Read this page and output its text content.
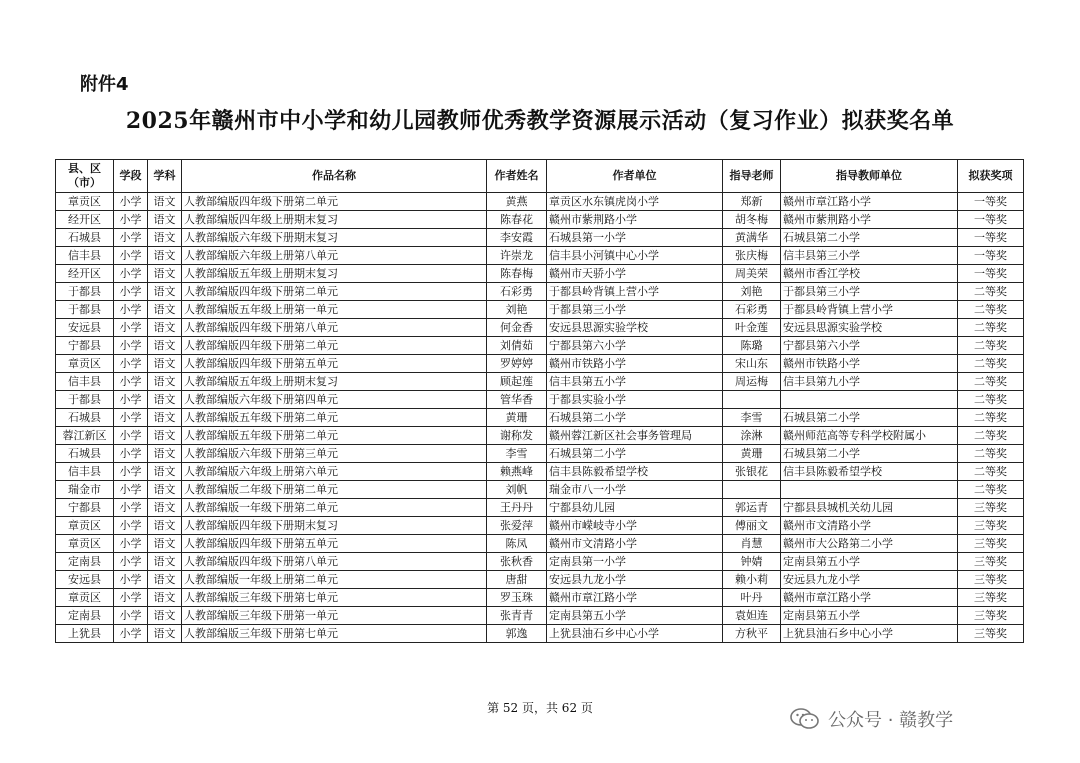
附件4
2025年赣州市中小学和幼儿园教师优秀教学资源展示活动（复习作业）拟获奖名单
县、区（市）	学段	学科	作品名称	作者姓名	作者单位	指导老师	指导教师单位	拟获奖项
章贡区	小学	语文	人教部编版四年级下册第二单元	黄燕	章贡区水东镇虎岗小学	郑新	赣州市章江路小学	一等奖
经开区	小学	语文	人教部编版四年级上册期末复习	陈春花	赣州市紫荆路小学	胡冬梅	赣州市紫荆路小学	一等奖
石城县	小学	语文	人教部编版六年级下册期末复习	李安霞	石城县第一小学	黄满华	石城县第二小学	一等奖
信丰县	小学	语文	人教部编版六年级上册第八单元	许崇龙	信丰县小河镇中心小学	张庆梅	信丰县第三小学	一等奖
经开区	小学	语文	人教部编版五年级上册期末复习	陈春梅	赣州市天骄小学	周美荣	赣州市香江学校	一等奖
于都县	小学	语文	人教部编版四年级下册第二单元	石彩勇	于都县岭背镇上营小学	刘艳	于都县第三小学	二等奖
于都县	小学	语文	人教部编版五年级上册第一单元	刘艳	于都县第三小学	石彩勇	于都县岭背镇上营小学	二等奖
安远县	小学	语文	人教部编版四年级下册第八单元	何金香	安远县思源实验学校	叶金莲	安远县思源实验学校	二等奖
宁都县	小学	语文	人教部编版四年级下册第二单元	刘倩茹	宁都县第六小学	陈璐	宁都县第六小学	二等奖
章贡区	小学	语文	人教部编版四年级下册第五单元	罗婷婷	赣州市铁路小学	宋山东	赣州市铁路小学	二等奖
信丰县	小学	语文	人教部编版五年级上册期末复习	顾起莲	信丰县第五小学	周运梅	信丰县第九小学	二等奖
于都县	小学	语文	人教部编版六年级下册第四单元	管华香	于都县实验小学			二等奖
石城县	小学	语文	人教部编版五年级下册第二单元	黄珊	石城县第二小学	李雪	石城县第二小学	二等奖
蓉江新区	小学	语文	人教部编版五年级下册第二单元	谢称发	赣州蓉江新区社会事务管理局	涂淋	赣州师范高等专科学校附属小	二等奖
石城县	小学	语文	人教部编版六年级下册第三单元	李雪	石城县第二小学	黄珊	石城县第二小学	二等奖
信丰县	小学	语文	人教部编版六年级上册第六单元	赖燕峰	信丰县陈毅希望学校	张银花	信丰县陈毅希望学校	二等奖
瑞金市	小学	语文	人教部编版二年级下册第二单元	刘帆	瑞金市八一小学			二等奖
宁都县	小学	语文	人教部编版一年级下册第二单元	王丹丹	宁都县幼儿园	郭运青	宁都县县城机关幼儿园	三等奖
章贡区	小学	语文	人教部编版四年级下册期末复习	张爱萍	赣州市嵘岐寺小学	傅丽文	赣州市文清路小学	三等奖
章贡区	小学	语文	人教部编版四年级下册第五单元	陈凤	赣州市文清路小学	肖慧	赣州市大公路第二小学	三等奖
定南县	小学	语文	人教部编版四年级下册第八单元	张秋香	定南县第一小学	钟婧	定南县第五小学	三等奖
安远县	小学	语文	人教部编版一年级上册第二单元	唐甜	安远县九龙小学	赖小莉	安远县九龙小学	三等奖
章贡区	小学	语文	人教部编版三年级下册第七单元	罗玉珠	赣州市章江路小学	叶丹	赣州市章江路小学	三等奖
定南县	小学	语文	人教部编版三年级下册第一单元	张青青	定南县第五小学	袁妲连	定南县第五小学	三等奖
上犹县	小学	语文	人教部编版三年级下册第七单元	郭逸	上犹县油石乡中心小学	方秋平	上犹县油石乡中心小学	三等奖
第 52 页，共 62 页
公众号 · 赣教学
